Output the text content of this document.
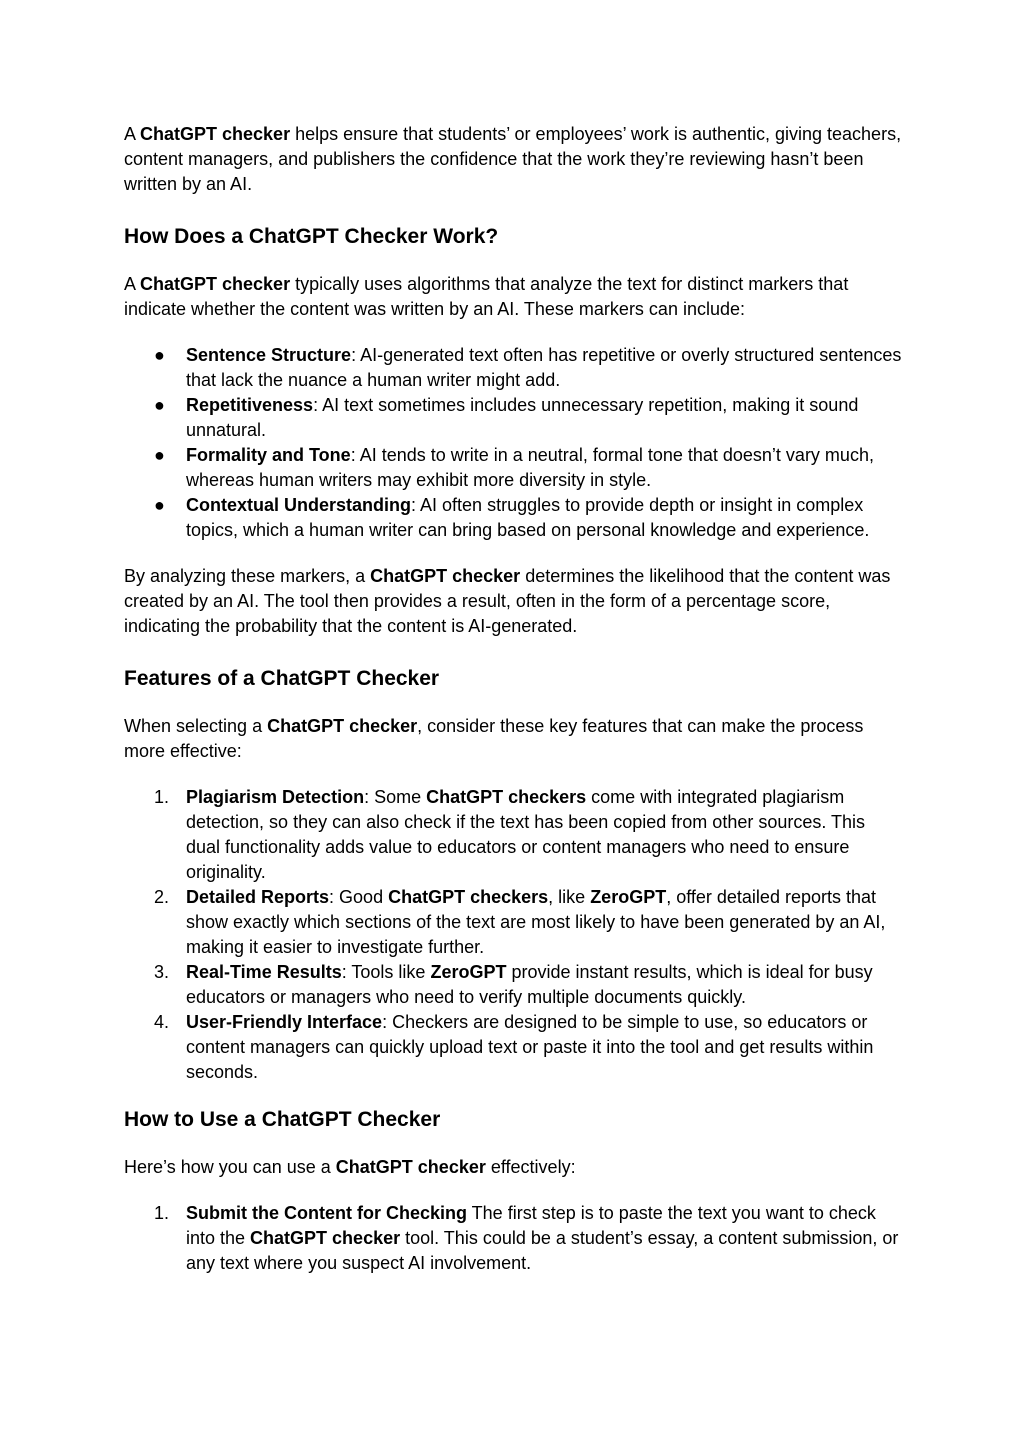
A ChatGPT checker helps ensure that students’ or employees’ work is authentic, giving teachers, content managers, and publishers the confidence that the work they’re reviewing hasn’t been written by an AI.

How Does a ChatGPT Checker Work?

A ChatGPT checker typically uses algorithms that analyze the text for distinct markers that indicate whether the content was written by an AI. These markers can include:

●	Sentence Structure: AI-generated text often has repetitive or overly structured sentences that lack the nuance a human writer might add.
●	Repetitiveness: AI text sometimes includes unnecessary repetition, making it sound unnatural.
●	Formality and Tone: AI tends to write in a neutral, formal tone that doesn’t vary much, whereas human writers may exhibit more diversity in style.
●	Contextual Understanding: AI often struggles to provide depth or insight in complex topics, which a human writer can bring based on personal knowledge and experience.

By analyzing these markers, a ChatGPT checker determines the likelihood that the content was created by an AI. The tool then provides a result, often in the form of a percentage score, indicating the probability that the content is AI-generated.

Features of a ChatGPT Checker

When selecting a ChatGPT checker, consider these key features that can make the process more effective:

1. Plagiarism Detection: Some ChatGPT checkers come with integrated plagiarism detection, so they can also check if the text has been copied from other sources. This dual functionality adds value to educators or content managers who need to ensure originality.
2. Detailed Reports: Good ChatGPT checkers, like ZeroGPT, offer detailed reports that show exactly which sections of the text are most likely to have been generated by an AI, making it easier to investigate further.
3. Real-Time Results: Tools like ZeroGPT provide instant results, which is ideal for busy educators or managers who need to verify multiple documents quickly.
4. User-Friendly Interface: Checkers are designed to be simple to use, so educators or content managers can quickly upload text or paste it into the tool and get results within seconds.
How to Use a ChatGPT Checker

Here’s how you can use a ChatGPT checker effectively:

1. Submit the Content for Checking The first step is to paste the text you want to check into the ChatGPT checker tool. This could be a student’s essay, a content submission, or any text where you suspect AI involvement.
